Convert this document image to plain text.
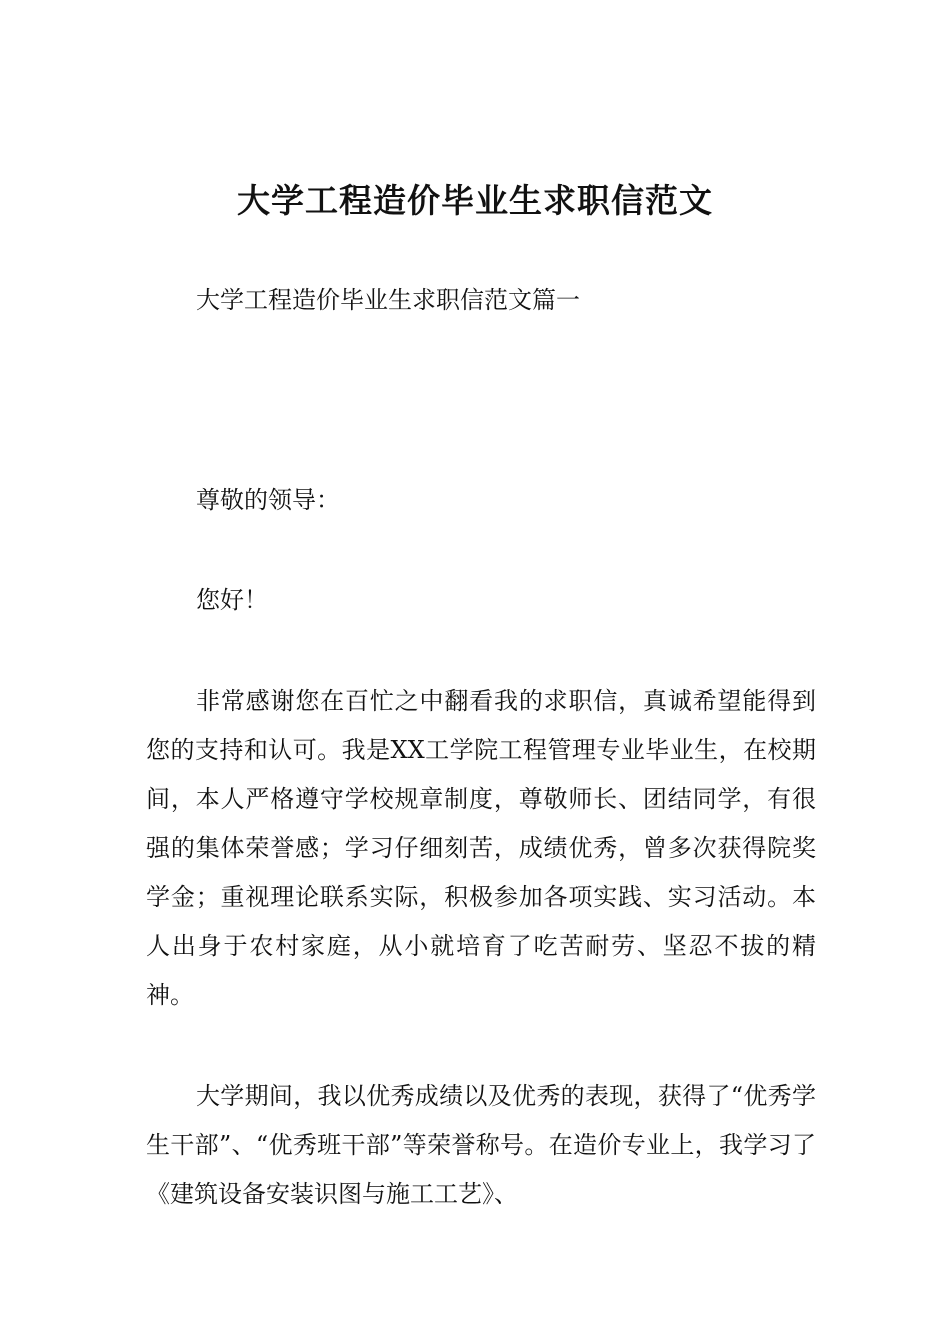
大学工程造价毕业生求职信范文

大学工程造价毕业生求职信范文篇一

尊敬的领导：

您好！

非常感谢您在百忙之中翻看我的求职信，真诚希望能得到您的支持和认可。我是XX工学院工程管理专业毕业生，在校期间，本人严格遵守学校规章制度，尊敬师长、团结同学，有很强的集体荣誉感；学习仔细刻苦，成绩优秀，曾多次获得院奖学金；重视理论联系实际，积极参加各项实践、实习活动。本人出身于农村家庭，从小就培育了吃苦耐劳、坚忍不拔的精神。

大学期间，我以优秀成绩以及优秀的表现，获得了“优秀学生干部”、“优秀班干部”等荣誉称号。在造价专业上，我学习了《建筑设备安装识图与施工工艺》、
